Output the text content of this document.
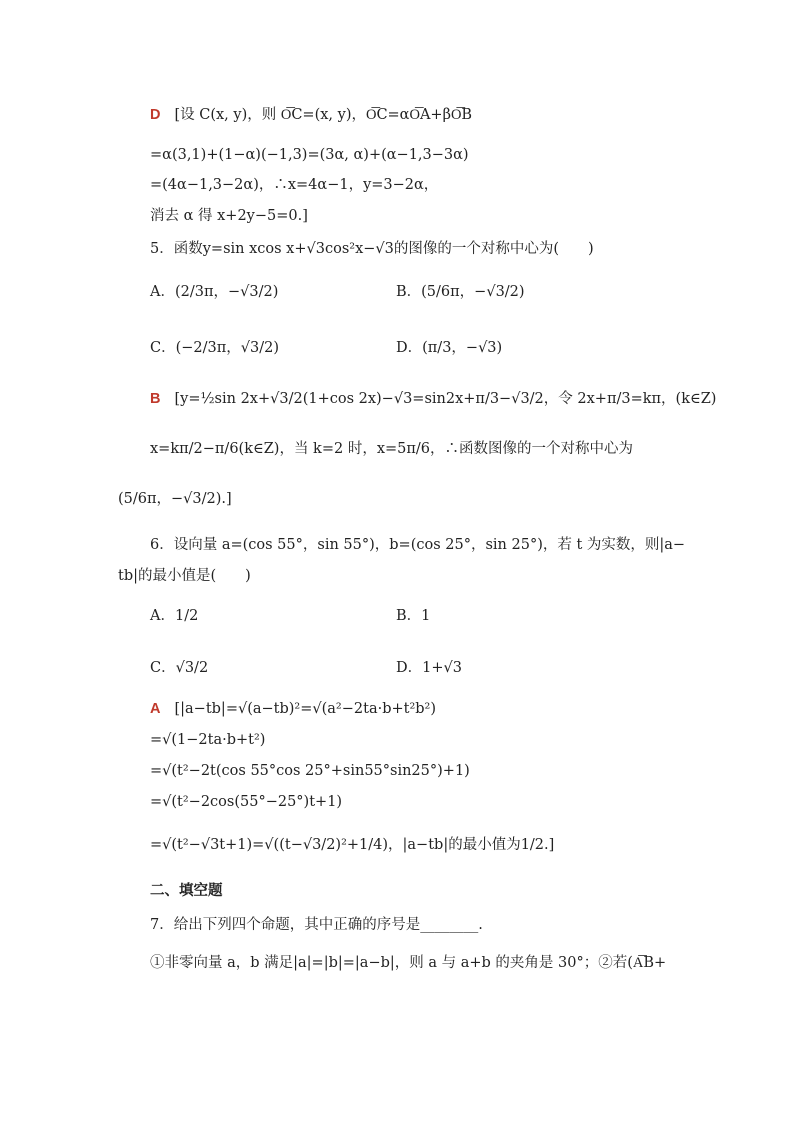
D [设 C(x, y)，则 O͞C=(x, y)，O͞C=αO͞A+βO͞B
=α(3,1)+(1−α)(−1,3)=(3α, α)+(α−1,3−3α)
=(4α−1,3−2α)，∴x=4α−1，y=3−2α，
消去 α 得 x+2y−5=0.]
5．函数y=sin xcos x+√3cos²x−√3的图像的一个对称中心为(　　)
A．(2/3π，−√3/2)	B．(5/6π，−√3/2)
C．(−2/3π，√3/2)	D．(π/3，−√3)
B [y=½sin 2x+√3/2(1+cos 2x)−√3=sin2x+π/3−√3/2，令 2x+π/3=kπ，(k∈Z)
x=kπ/2−π/6(k∈Z)，当 k=2 时，x=5π/6，∴函数图像的一个对称中心为
(5/6π，−√3/2).]
6．设向量 a=(cos 55°，sin 55°)，b=(cos 25°，sin 25°)，若 t 为实数，则|a−
tb|的最小值是(　　)
A．1/2	B．1
C．√3/2	D．1+√3
A [|a−tb|=√(a−tb)²=√(a²−2ta·b+t²b²)
=√(1−2ta·b+t²)
=√(t²−2t(cos 55°cos 25°+sin55°sin25°)+1)
=√(t²−2cos(55°−25°)t+1)
=√(t²−√3t+1)=√((t−√3/2)²+1/4)，|a−tb|的最小值为1/2.]
二、填空题
7．给出下列四个命题，其中正确的序号是________.
①非零向量 a，b 满足|a|=|b|=|a−b|，则 a 与 a+b 的夹角是 30°；②若(A͞B+
